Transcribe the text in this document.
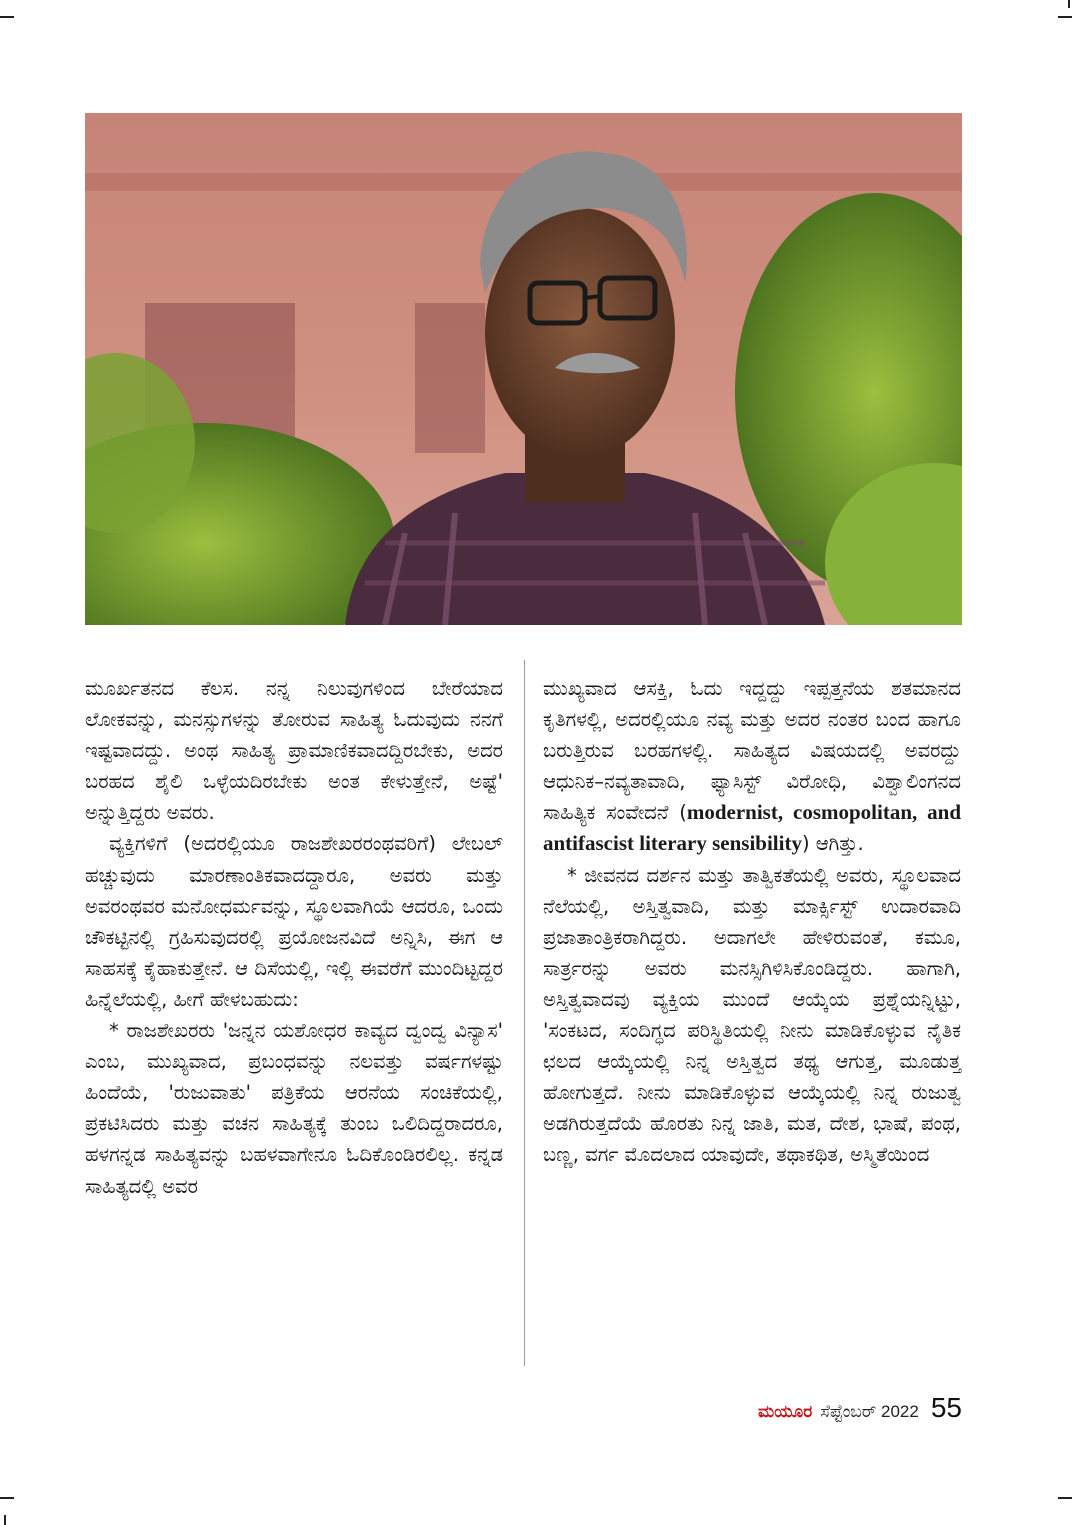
ಮೂರ್ಖತನದ ಕೆಲಸ. ನನ್ನ ನಿಲುವುಗಳಿಂದ ಬೇರೆಯಾದ ಲೋಕವನ್ನು, ಮನಸ್ಸುಗಳನ್ನು ತೋರುವ ಸಾಹಿತ್ಯ ಓದುವುದು ನನಗೆ ಇಷ್ಟವಾದದ್ದು. ಅಂಥ ಸಾಹಿತ್ಯ ಪ್ರಾಮಾಣಿಕವಾದದ್ದಿರಬೇಕು, ಅದರ ಬರಹದ ಶೈಲಿ ಒಳ್ಳೆಯದಿರಬೇಕು ಅಂತ ಕೇಳುತ್ತೇನೆ, ಅಷ್ಟೆ' ಅನ್ನುತ್ತಿದ್ದರು ಅವರು.

ವ್ಯಕ್ತಿಗಳಿಗೆ (ಅದರಲ್ಲಿಯೂ ರಾಜಶೇಖರರಂಥವರಿಗೆ) ಲೇಬಲ್ ಹಚ್ಚುವುದು ಮಾರಣಾಂತಿಕವಾದದ್ದಾರೂ, ಅವರು ಮತ್ತು ಅವರಂಥವರ ಮನೋಧರ್ಮವನ್ನು, ಸ್ಥೂಲವಾಗಿಯೆ ಆದರೂ, ಒಂದು ಚೌಕಟ್ಟಿನಲ್ಲಿ ಗ್ರಹಿಸುವುದರಲ್ಲಿ ಪ್ರಯೋಜನವಿದೆ ಅನ್ನಿಸಿ, ಈಗ ಆ ಸಾಹಸಕ್ಕೆ ಕೈಹಾಕುತ್ತೇನೆ. ಆ ದಿಸೆಯಲ್ಲಿ, ಇಲ್ಲಿ ಈವರೆಗೆ ಮುಂದಿಟ್ಟದ್ದರ ಹಿನ್ನೆಲೆಯಲ್ಲಿ, ಹೀಗೆ ಹೇಳಬಹುದು:

* ರಾಜಶೇಖರರು 'ಜನ್ನನ ಯಶೋಧರ ಕಾವ್ಯದ ದ್ವಂದ್ವ ವಿನ್ಯಾಸ' ಎಂಬ, ಮುಖ್ಯವಾದ, ಪ್ರಬಂಧವನ್ನು ನಲವತ್ತು ವರ್ಷಗಳಷ್ಟು ಹಿಂದೆಯೆ, 'ರುಜುವಾತು' ಪತ್ರಿಕೆಯ ಆರನೆಯ ಸಂಚಿಕೆಯಲ್ಲಿ, ಪ್ರಕಟಿಸಿದರು ಮತ್ತು ವಚನ ಸಾಹಿತ್ಯಕ್ಕೆ ತುಂಬ ಒಲಿದಿದ್ದರಾದರೂ, ಹಳಗನ್ನಡ ಸಾಹಿತ್ಯವನ್ನು ಬಹಳವಾಗೇನೂ ಓದಿಕೊಂಡಿರಲಿಲ್ಲ. ಕನ್ನಡ ಸಾಹಿತ್ಯದಲ್ಲಿ ಅವರ

ಮುಖ್ಯವಾದ ಆಸಕ್ತಿ, ಓದು ಇದ್ದದ್ದು ಇಪ್ಪತ್ತನೆಯ ಶತಮಾನದ ಕೃತಿಗಳಲ್ಲಿ, ಅದರಲ್ಲಿಯೂ ನವ್ಯ ಮತ್ತು ಅದರ ನಂತರ ಬಂದ ಹಾಗೂ ಬರುತ್ತಿರುವ ಬರಹಗಳಲ್ಲಿ. ಸಾಹಿತ್ಯದ ವಿಷಯದಲ್ಲಿ ಅವರದ್ದು ಆಧುನಿಕ–ನವ್ಯತಾವಾದಿ, ಫ್ಯಾಸಿಸ್ಟ್ ವಿರೋಧಿ, ವಿಶ್ವಾಲಿಂಗನದ ಸಾಹಿತ್ಯಿಕ ಸಂವೇದನೆ (modernist, cosmopolitan, and antifascist literary sensibility) ಆಗಿತ್ತು.

* ಜೀವನದ ದರ್ಶನ ಮತ್ತು ತಾತ್ವಿಕತೆಯಲ್ಲಿ ಅವರು, ಸ್ಥೂಲವಾದ ನೆಲೆಯಲ್ಲಿ, ಅಸ್ತಿತ್ವವಾದಿ, ಮತ್ತು ಮಾರ್ಕ್ಸಿಸ್ಟ್ ಉದಾರವಾದಿ ಪ್ರಜಾತಾಂತ್ರಿಕರಾಗಿದ್ದರು. ಅದಾಗಲೇ ಹೇಳಿರುವಂತೆ, ಕಮೂ, ಸಾರ್ತ್ರರನ್ನು ಅವರು ಮನಸ್ಸಿಗಿಳಿಸಿಕೊಂಡಿದ್ದರು. ಹಾಗಾಗಿ, ಅಸ್ತಿತ್ವವಾದವು ವ್ಯಕ್ತಿಯ ಮುಂದೆ ಆಯ್ಕೆಯ ಪ್ರಶ್ನೆಯನ್ನಿಟ್ಟು, 'ಸಂಕಟದ, ಸಂದಿಗ್ಧದ ಪರಿಸ್ಥಿತಿಯಲ್ಲಿ ನೀನು ಮಾಡಿಕೊಳ್ಳುವ ನೈತಿಕ ಛಲದ ಆಯ್ಕೆಯಲ್ಲಿ ನಿನ್ನ ಅಸ್ತಿತ್ವದ ತಥ್ಯ ಆಗುತ್ತ, ಮೂಡುತ್ತ ಹೋಗುತ್ತದೆ. ನೀನು ಮಾಡಿಕೊಳ್ಳುವ ಆಯ್ಕೆಯಲ್ಲಿ ನಿನ್ನ ರುಜುತ್ವ ಅಡಗಿರುತ್ತದೆಯೆ ಹೊರತು ನಿನ್ನ ಜಾತಿ, ಮತ, ದೇಶ, ಭಾಷೆ, ಪಂಥ, ಬಣ್ಣ, ವರ್ಗ ಮೊದಲಾದ ಯಾವುದೇ, ತಥಾಕಥಿತ, ಅಸ್ಮಿತೆಯಿಂದ

ಮಯೂರ ಸೆಪ್ಟೆಂಬರ್ 2022 55
